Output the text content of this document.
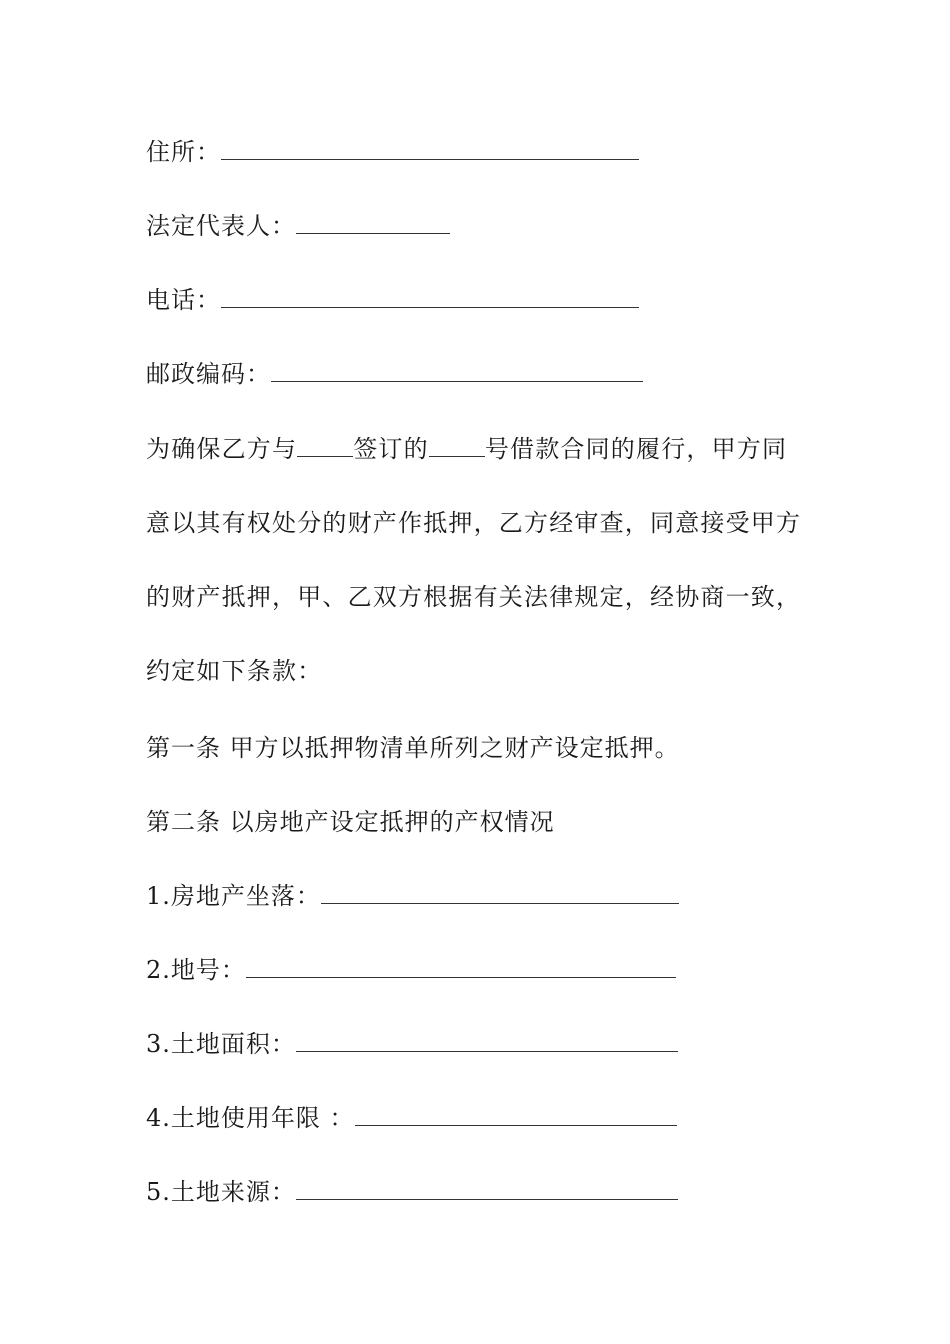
住所：
法定代表人：
电话：
邮政编码：
为确保乙方与 签订的 号借款合同的履行，甲方同意以其有权处分的财产作抵押，乙方经审查，同意接受甲方的财产抵押，甲、乙双方根据有关法律规定，经协商一致，约定如下条款：
第一条 甲方以抵押物清单所列之财产设定抵押。
第二条 以房地产设定抵押的产权情况
1.房地产坐落：
2.地号：
3.土地面积：
4.土地使用年限 ：
5.土地来源：
